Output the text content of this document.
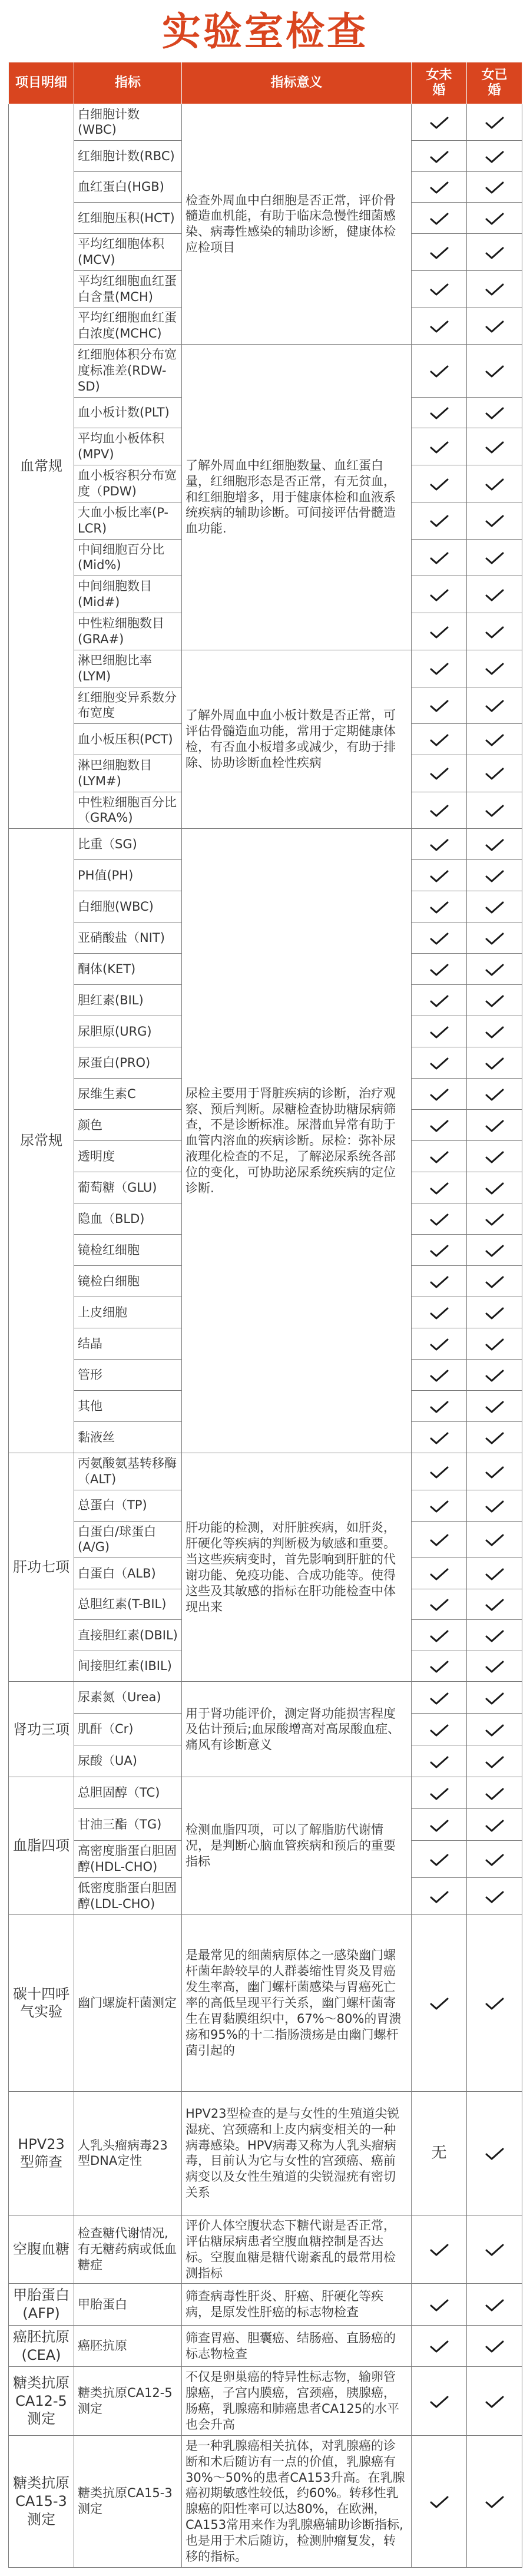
实验室检查
项目明细	指标	指标意义	女未婚	女已婚
血常规	白细胞计数(WBC)	检查外周血中白细胞是否正常，评价骨髓造血机能，有助于临床急慢性细菌感染、病毒性感染的辅助诊断，健康体检应检项目	

	红细胞计数(RBC)	

	血红蛋白(HGB)	

	红细胞压积(HCT)	

	平均红细胞体积(MCV)	

	平均红细胞血红蛋白含量(MCH)	

	平均红细胞血红蛋白浓度(MCHC)	

	红细胞体积分布宽度标准差(RDW-SD)	了解外周血中红细胞数量、血红蛋白量，红细胞形态是否正常，有无贫血，和红细胞增多，用于健康体检和血液系统疾病的辅助诊断。可间接评估骨髓造血功能.	

	血小板计数(PLT)	

	平均血小板体积(MPV)	

	血小板容积分布宽度（PDW)	

	大血小板比率(P-LCR)	

	中间细胞百分比(Mid%)	

	中间细胞数目(Mid#)	

	中性粒细胞数目(GRA#)	

	淋巴细胞比率(LYM)	了解外周血中血小板计数是否正常，可评估骨髓造血功能，常用于定期健康体检，有否血小板增多或减少，有助于排除、协助诊断血栓性疾病	

	红细胞变异系数分布宽度	

	血小板压积(PCT)	

	淋巴细胞数目(LYM#)	

	中性粒细胞百分比（GRA%)	

尿常规	比重（SG)	尿检主要用于肾脏疾病的诊断，治疗观察、预后判断。尿糖检查协助糖尿病筛查，不是诊断标准。尿潜血异常有助于血管内溶血的疾病诊断。尿检：弥补尿液理化检查的不足，了解泌尿系统各部位的变化，可协助泌尿系统疾病的定位诊断.	

	PH值(PH)	

	白细胞(WBC)	

	亚硝酸盐（NIT)	

	酮体(KET)	

	胆红素(BIL)	

	尿胆原(URG)	

	尿蛋白(PRO)	

	尿维生素C	

	颜色	

	透明度	

	葡萄糖（GLU)	

	隐血（BLD)	

	镜检红细胞	

	镜检白细胞	

	上皮细胞	

	结晶	

	管形	

	其他	

	黏液丝	

肝功七项	丙氨酸氨基转移酶（ALT)	肝功能的检测，对肝脏疾病，如肝炎，肝硬化等疾病的判断极为敏感和重要。当这些疾病变时，首先影响到肝脏的代谢功能、免疫功能、合成功能等。使得这些及其敏感的指标在肝功能检查中体现出来	

	总蛋白（TP)	

	白蛋白/球蛋白(A/G)	

	白蛋白（ALB)	

	总胆红素(T-BIL)	

	直接胆红素(DBIL)	

	间接胆红素(IBIL)	

肾功三项	尿素氮（Urea)	用于肾功能评价，测定肾功能损害程度及估计预后;血尿酸增高对高尿酸血症、痛风有诊断意义	

	肌酐（Cr)	

	尿酸（UA)	

血脂四项	总胆固醇（TC)	检测血脂四项，可以了解脂肪代谢情况，是判断心脑血管疾病和预后的重要指标	

	甘油三酯（TG)	

	高密度脂蛋白胆固醇(HDL-CHO)	

	低密度脂蛋白胆固醇(LDL-CHO)	

碳十四呼气实验	幽门螺旋杆菌测定	是最常见的细菌病原体之一感染幽门螺杆菌年龄较早的人群萎缩性胃炎及胃癌发生率高，幽门螺杆菌感染与胃癌死亡率的高低呈现平行关系，幽门螺杆菌寄生在胃黏膜组织中，67%～80%的胃溃疡和95%的十二指肠溃疡是由幽门螺杆菌引起的	

HPV23型筛查	人乳头瘤病毒23型DNA定性	HPV23型检查的是与女性的生殖道尖锐湿疣、宫颈癌和上皮内病变相关的一种病毒感染。HPV病毒又称为人乳头瘤病毒，目前认为它与女性的宫颈癌、癌前病变以及女性生殖道的尖锐湿疣有密切关系	无	

空腹血糖	检查糖代谢情况,有无糖药病或低血糖症	评价人体空腹状态下糖代谢是否正常，评估糖尿病患者空腹血糖控制是否达标。空腹血糖是糖代谢紊乱的最常用检测指标	

甲胎蛋白(AFP)	甲胎蛋白	筛查病毒性肝炎、肝癌、肝硬化等疾病，是原发性肝癌的标志物检查	

癌胚抗原(CEA)	癌胚抗原	筛查胃癌、胆囊癌、结肠癌、直肠癌的标志物检查	

糖类抗原CA12-5测定	糖类抗原CA12-5测定	不仅是卵巢癌的特异性标志物，输卵管腺癌，子宫内膜癌，宫颈癌，胰腺癌，肠癌，乳腺癌和肺癌患者CA125的水平也会升高	

糖类抗原CA15-3测定	糖类抗原CA15-3测定	是一种乳腺癌相关抗体，对乳腺癌的诊断和术后随访有一点的价值，乳腺癌有30%～50%的患者CA153升高。在乳腺癌初期敏感性较低，约60%。转移性乳腺癌的阳性率可以达80%，在欧洲，CA153常用来作为乳腺癌辅助诊断指标,也是用于术后随访，检测肿瘤复发，转移的指标。	
